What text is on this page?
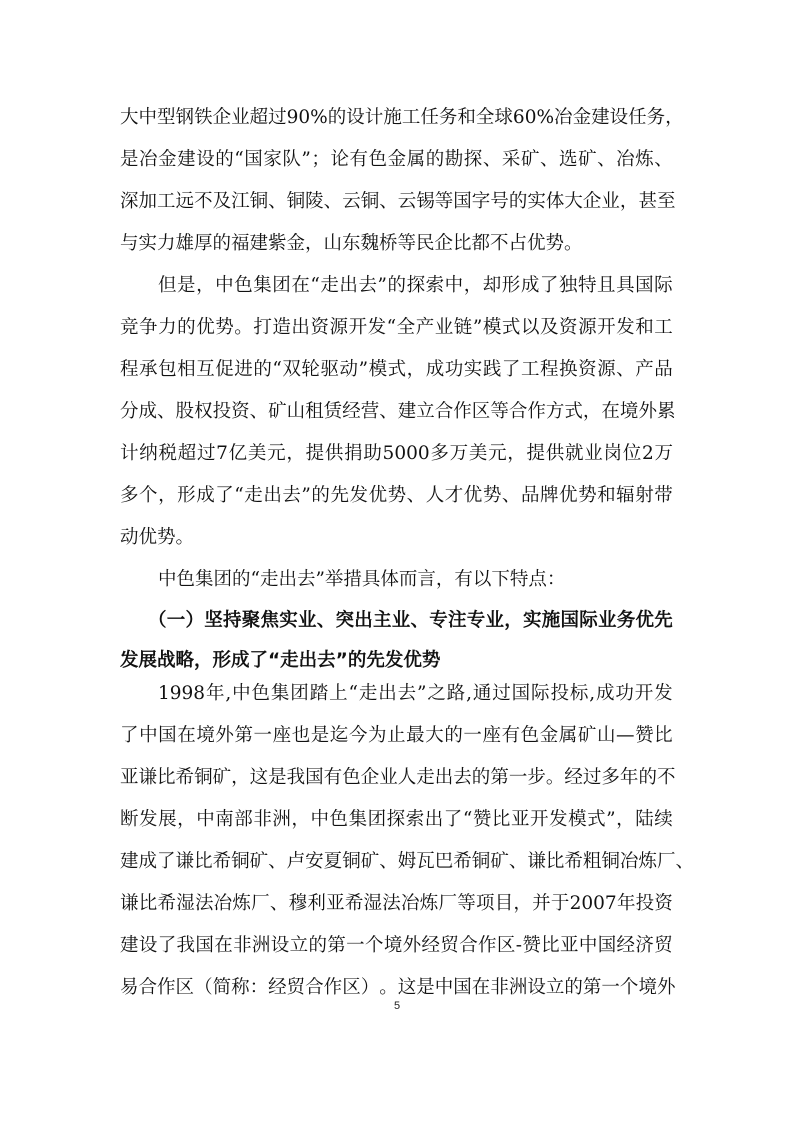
大 中 型 钢 铁 企 业 超 过 90% 的 设 计 施 工 任 务 和 全 球 60% 冶 金 建 设 任 务 ，
是 冶 金 建 设 的 “ 国 家 队 ” ； 论 有 色 金 属 的 勘 探 、 采 矿 、 选 矿 、 冶 炼 、
深 加 工 远 不 及 江 铜 、 铜 陵 、 云 铜 、 云 锡 等 国 字 号 的 实 体 大 企 业 ， 甚 至
与实力雄厚的福建紫金，山东魏桥等民企比都不占优势。
但 是 ， 中 色 集 团 在 “ 走 出 去 ” 的 探 索 中 ， 却 形 成 了 独 特 且 具 国 际
竞 争 力 的 优 势 。 打 造 出 资 源 开 发 “ 全 产 业 链 ” 模 式 以 及 资 源 开 发 和 工
程 承 包 相 互 促 进 的 “ 双 轮 驱 动 ” 模 式 ， 成 功 实 践 了 工 程 换 资 源 、 产 品
分 成 、 股 权 投 资 、 矿 山 租 赁 经 营 、 建 立 合 作 区 等 合 作 方 式 ， 在 境 外 累
计 纳 税 超 过 7 亿 美 元 ， 提 供 捐 助 5000 多 万 美 元 ， 提 供 就 业 岗 位 2 万
多 个 ， 形 成 了 “ 走 出 去 ” 的 先 发 优 势 、 人 才 优 势 、 品 牌 优 势 和 辐 射 带
动优势。
中色集团的“走出去”举措具体而言，有以下特点：
（ 一 ） 坚 持 聚 焦 实 业 、 突 出 主 业 、 专 注 专 业 ， 实 施 国 际 业 务 优 先
发展战略，形成了“走出去”的先发优势
1998 年 , 中 色 集 团 踏 上 “ 走 出 去 ” 之 路 , 通 过 国 际 投 标 , 成 功 开 发
了 中 国 在 境 外 第 一 座 也 是 迄 今 为 止 最 大 的 一 座 有 色 金 属 矿 山 — 赞 比
亚 谦 比 希 铜 矿 ， 这 是 我 国 有 色 企 业 人 走 出 去 的 第 一 步 。 经 过 多 年 的 不
断 发 展 ， 中 南 部 非 洲 ， 中 色 集 团 探 索 出 了 “ 赞 比 亚 开 发 模 式 ” ， 陆 续
建 成 了 谦 比 希 铜 矿 、 卢 安 夏 铜 矿 、 姆 瓦 巴 希 铜 矿 、 谦 比 希 粗 铜 冶 炼 厂 、
谦 比 希 湿 法 冶 炼 厂 、 穆 利 亚 希 湿 法 冶 炼 厂 等 项 目 ， 并 于 2007 年 投 资
建 设 了 我 国 在 非 洲 设 立 的 第 一 个 境 外 经 贸 合 作 区 - 赞 比 亚 中 国 经 济 贸
易 合 作 区 （ 简 称 ： 经 贸 合 作 区 ） 。 这 是 中 国 在 非 洲 设 立 的 第 一 个 境 外
5
